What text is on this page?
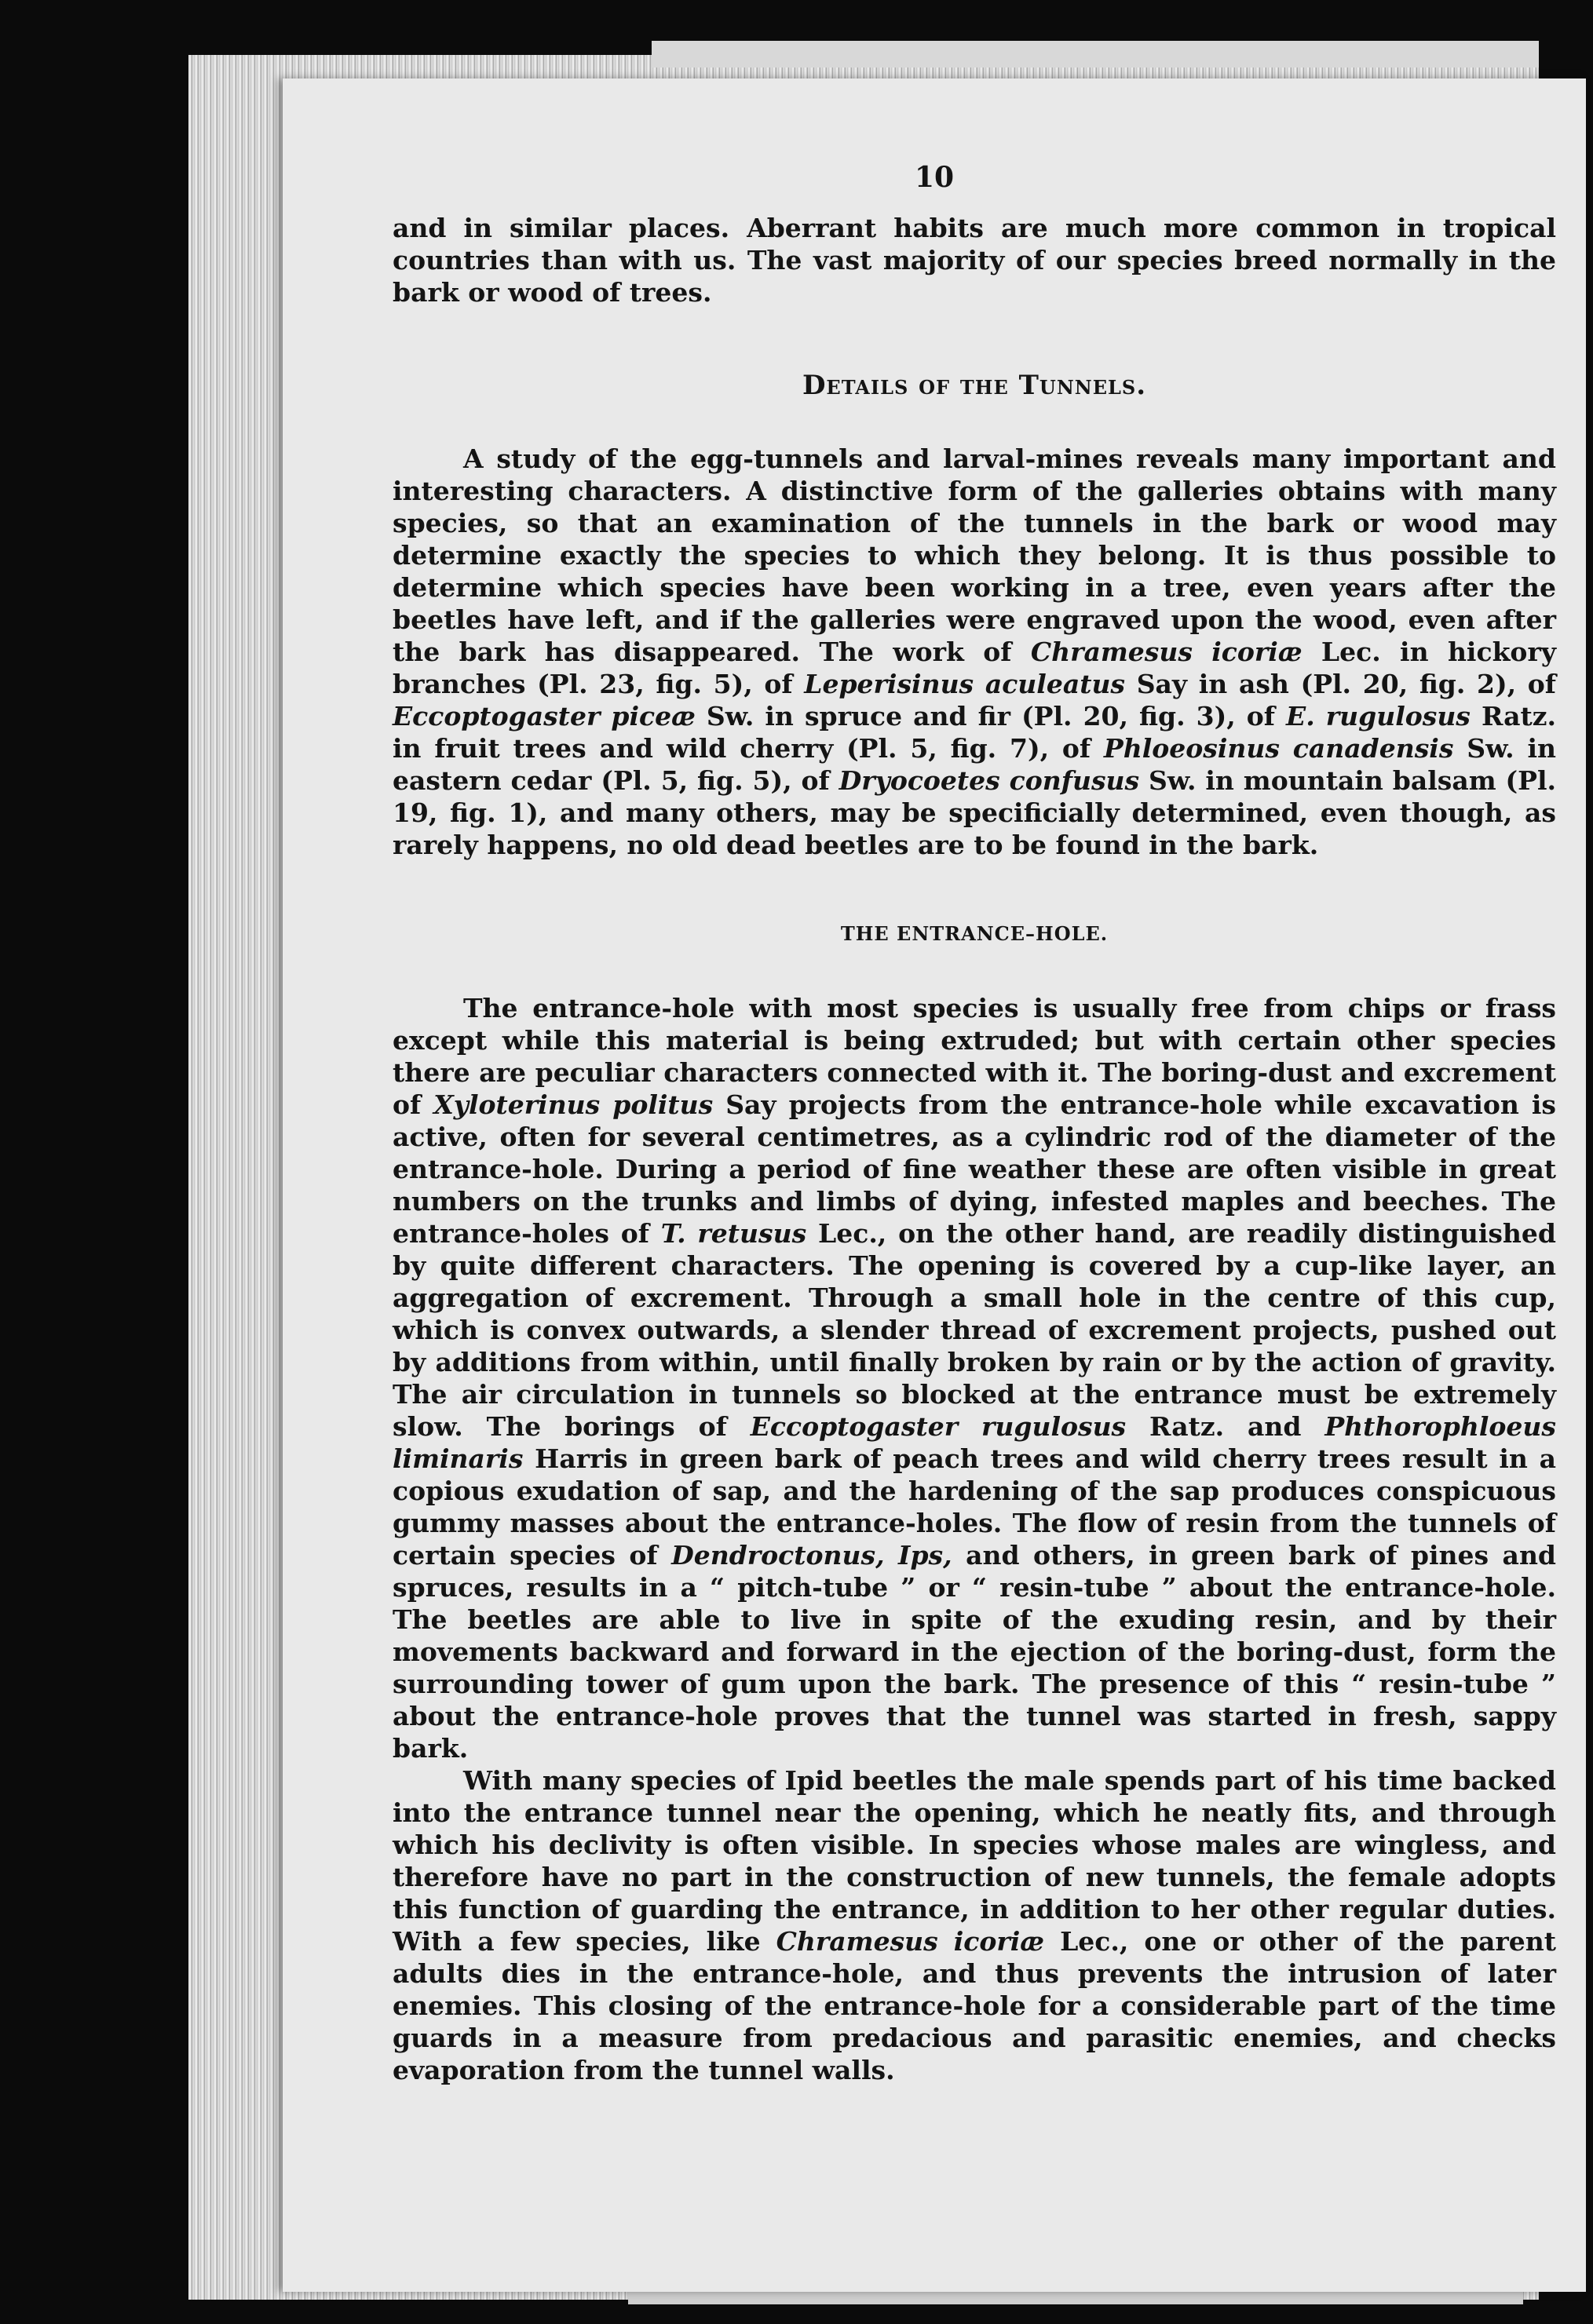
10

and in similar places. Aberrant habits are much more common in tropical countries than with us. The vast majority of our species breed normally in the bark or wood of trees.

Details of the Tunnels.

A study of the egg-tunnels and larval-mines reveals many important and interesting characters. A distinctive form of the galleries obtains with many species, so that an examination of the tunnels in the bark or wood may determine exactly the species to which they belong. It is thus possible to determine which species have been working in a tree, even years after the beetles have left, and if the galleries were engraved upon the wood, even after the bark has disappeared. The work of Chramesus icoriæ Lec. in hickory branches (Pl. 23, fig. 5), of Leperisinus aculeatus Say in ash (Pl. 20, fig. 2), of Eccoptogaster piceæ Sw. in spruce and fir (Pl. 20, fig. 3), of E. rugulosus Ratz. in fruit trees and wild cherry (Pl. 5, fig. 7), of Phloeosinus canadensis Sw. in eastern cedar (Pl. 5, fig. 5), of Dryocoetes confusus Sw. in mountain balsam (Pl. 19, fig. 1), and many others, may be specificially determined, even though, as rarely happens, no old dead beetles are to be found in the bark.

THE ENTRANCE–HOLE.

The entrance-hole with most species is usually free from chips or frass except while this material is being extruded; but with certain other species there are peculiar characters connected with it. The boring-dust and excrement of Xyloterinus politus Say projects from the entrance-hole while excavation is active, often for several centimetres, as a cylindric rod of the diameter of the entrance-hole. During a period of fine weather these are often visible in great numbers on the trunks and limbs of dying, infested maples and beeches. The entrance-holes of T. retusus Lec., on the other hand, are readily distinguished by quite different characters. The opening is covered by a cup-like layer, an aggregation of excrement. Through a small hole in the centre of this cup, which is convex outwards, a slender thread of excrement projects, pushed out by additions from within, until finally broken by rain or by the action of gravity. The air circulation in tunnels so blocked at the entrance must be extremely slow. The borings of Eccoptogaster rugulosus Ratz. and Phthorophloeus liminaris Harris in green bark of peach trees and wild cherry trees result in a copious exudation of sap, and the hardening of the sap produces conspicuous gummy masses about the entrance-holes. The flow of resin from the tunnels of certain species of Dendroctonus, Ips, and others, in green bark of pines and spruces, results in a “ pitch-tube ” or “ resin-tube ” about the entrance-hole. The beetles are able to live in spite of the exuding resin, and by their movements backward and forward in the ejection of the boring-dust, form the surrounding tower of gum upon the bark. The presence of this “ resin-tube ” about the entrance-hole proves that the tunnel was started in fresh, sappy bark.

With many species of Ipid beetles the male spends part of his time backed into the entrance tunnel near the opening, which he neatly fits, and through which his declivity is often visible. In species whose males are wingless, and therefore have no part in the construction of new tunnels, the female adopts this function of guarding the entrance, in addition to her other regular duties. With a few species, like Chramesus icoriæ Lec., one or other of the parent adults dies in the entrance-hole, and thus prevents the intrusion of later enemies. This closing of the entrance-hole for a considerable part of the time guards in a measure from predacious and parasitic enemies, and checks evaporation from the tunnel walls.
